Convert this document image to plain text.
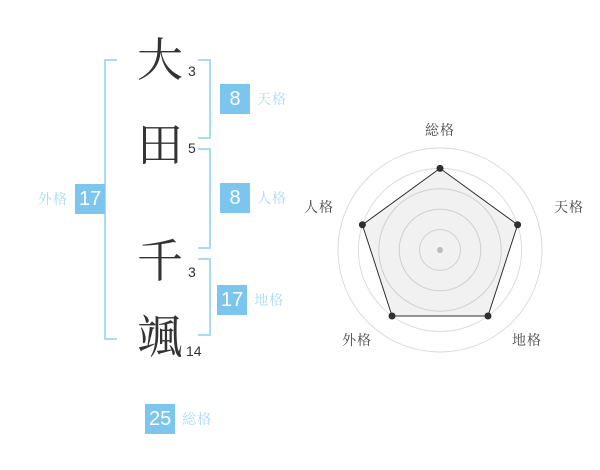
大
田
千
颯
3
5
3
14
8	天格
8	人格
17 地格
外格 17
25 総格
総格
天格
地格
外格
人格
